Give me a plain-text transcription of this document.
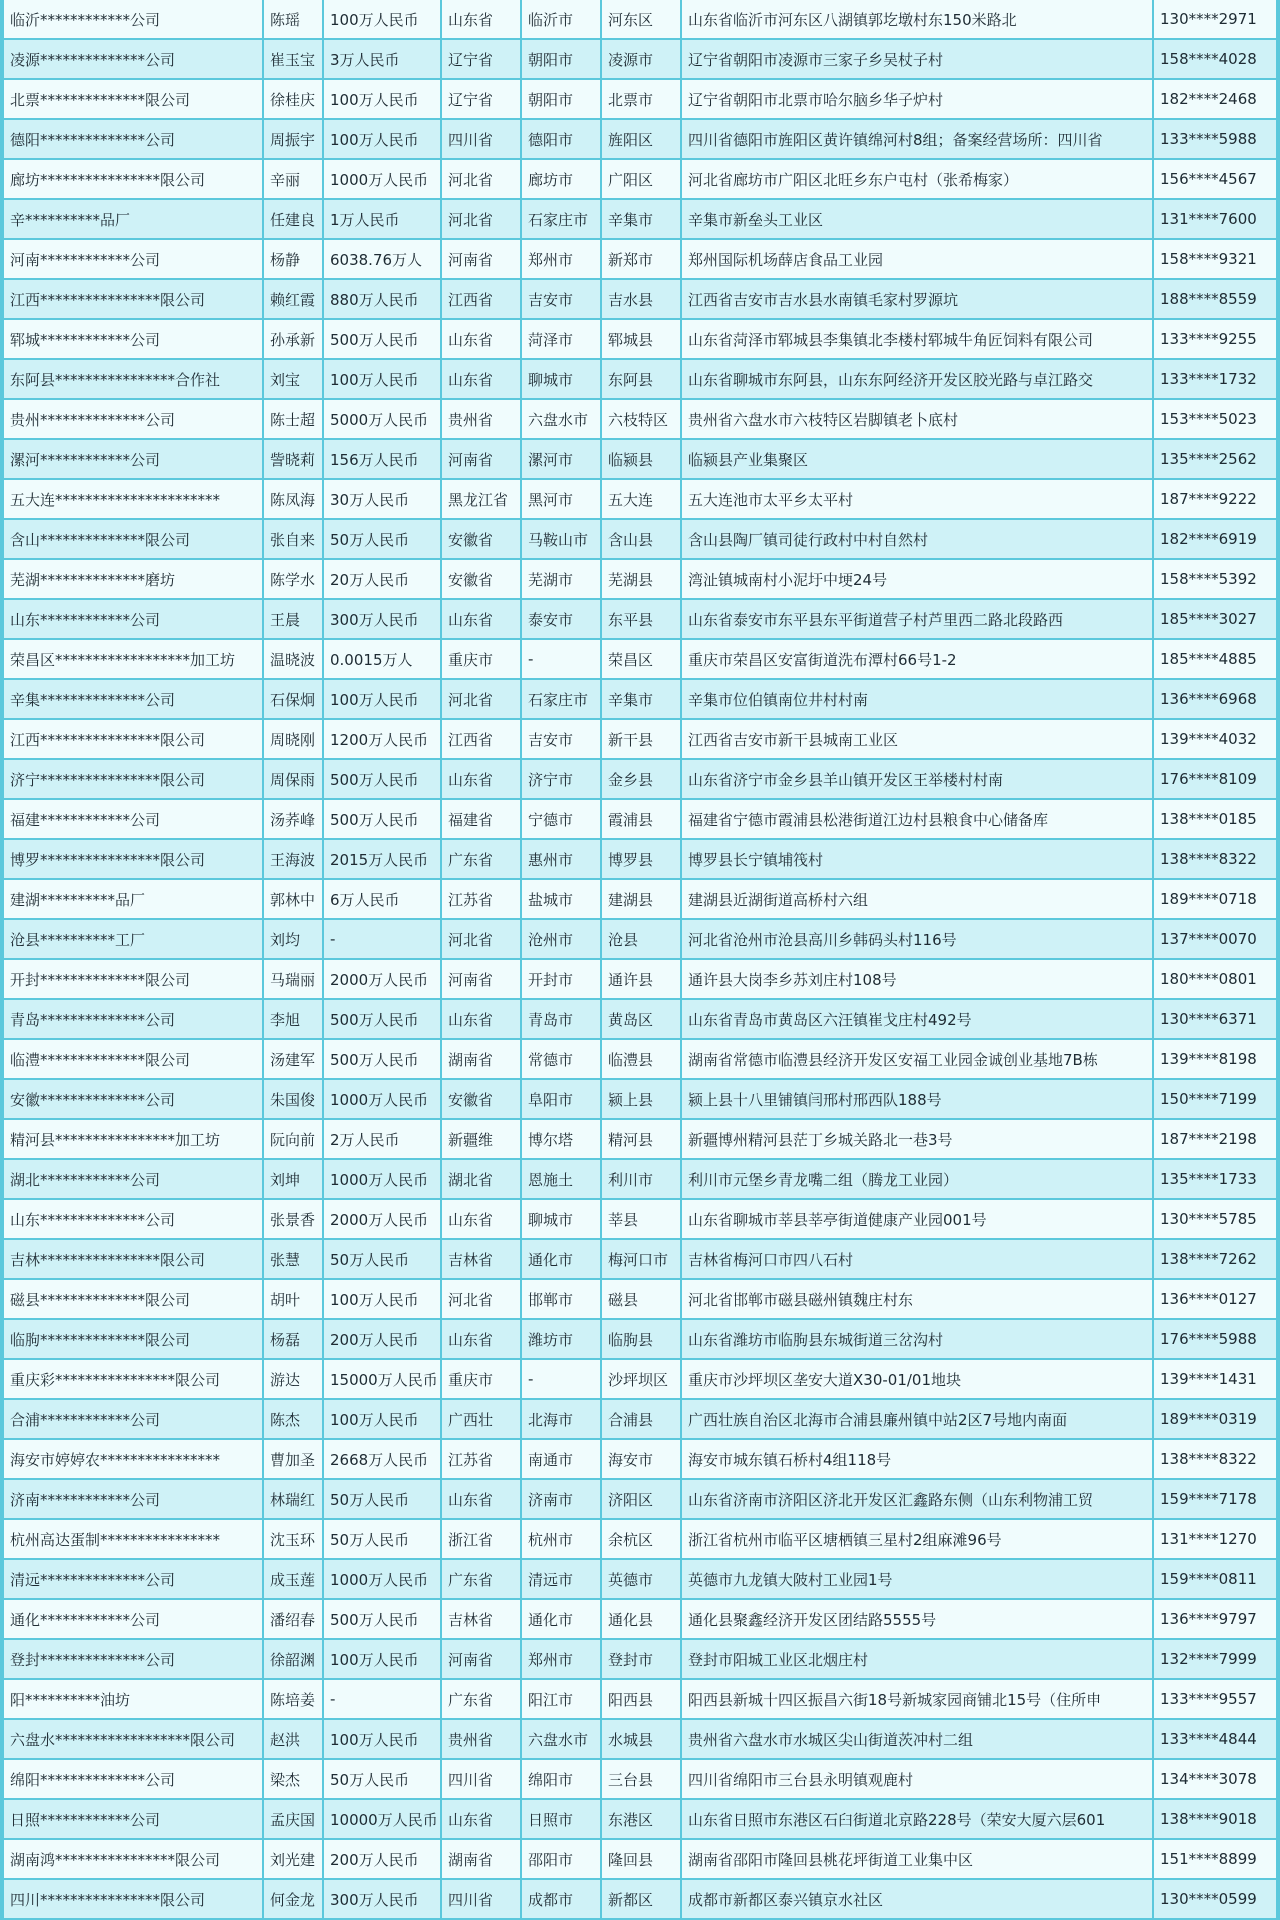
临沂************公司	陈瑶	100万人民币	山东省	临沂市	河东区	山东省临沂市河东区八湖镇郭圪墩村东150米路北	130****2971
凌源**************公司	崔玉宝	3万人民币	辽宁省	朝阳市	凌源市	辽宁省朝阳市凌源市三家子乡吴杖子村	158****4028
北票**************限公司	徐桂庆	100万人民币	辽宁省	朝阳市	北票市	辽宁省朝阳市北票市哈尔脑乡华子炉村	182****2468
德阳**************公司	周振宇	100万人民币	四川省	德阳市	旌阳区	四川省德阳市旌阳区黄许镇绵河村8组；备案经营场所：四川省	133****5988
廊坊****************限公司	辛丽	1000万人民币	河北省	廊坊市	广阳区	河北省廊坊市广阳区北旺乡东户屯村（张希梅家）	156****4567
辛**********品厂	任建良	1万人民币	河北省	石家庄市	辛集市	辛集市新垒头工业区	131****7600
河南************公司	杨静	6038.76万人	河南省	郑州市	新郑市	郑州国际机场薛店食品工业园	158****9321
江西****************限公司	赖红霞	880万人民币	江西省	吉安市	吉水县	江西省吉安市吉水县水南镇毛家村罗源坑	188****8559
郓城************公司	孙承新	500万人民币	山东省	菏泽市	郓城县	山东省菏泽市郓城县李集镇北李楼村郓城牛角匠饲料有限公司	133****9255
东阿县****************合作社	刘宝	100万人民币	山东省	聊城市	东阿县	山东省聊城市东阿县，山东东阿经济开发区胶光路与卓江路交	133****1732
贵州**************公司	陈士超	5000万人民币	贵州省	六盘水市	六枝特区	贵州省六盘水市六枝特区岩脚镇老卜底村	153****5023
漯河************公司	訾晓莉	156万人民币	河南省	漯河市	临颍县	临颍县产业集聚区	135****2562
五大连**********************	陈凤海	30万人民币	黑龙江省	黑河市	五大连	五大连池市太平乡太平村	187****9222
含山**************限公司	张自来	50万人民币	安徽省	马鞍山市	含山县	含山县陶厂镇司徒行政村中村自然村	182****6919
芜湖**************磨坊	陈学水	20万人民币	安徽省	芜湖市	芜湖县	湾沚镇城南村小泥圩中埂24号	158****5392
山东************公司	王晨	300万人民币	山东省	泰安市	东平县	山东省泰安市东平县东平街道营子村芦里西二路北段路西	185****3027
荣昌区******************加工坊	温晓波	0.0015万人	重庆市	-	荣昌区	重庆市荣昌区安富街道洗布潭村66号1-2	185****4885
辛集**************公司	石保炯	100万人民币	河北省	石家庄市	辛集市	辛集市位伯镇南位井村村南	136****6968
江西****************限公司	周晓刚	1200万人民币	江西省	吉安市	新干县	江西省吉安市新干县城南工业区	139****4032
济宁****************限公司	周保雨	500万人民币	山东省	济宁市	金乡县	山东省济宁市金乡县羊山镇开发区王举楼村村南	176****8109
福建************公司	汤荞峰	500万人民币	福建省	宁德市	霞浦县	福建省宁德市霞浦县松港街道江边村县粮食中心储备库	138****0185
博罗****************限公司	王海波	2015万人民币	广东省	惠州市	博罗县	博罗县长宁镇埔筏村	138****8322
建湖**********品厂	郭林中	6万人民币	江苏省	盐城市	建湖县	建湖县近湖街道高桥村六组	189****0718
沧县**********工厂	刘均	-	河北省	沧州市	沧县	河北省沧州市沧县高川乡韩码头村116号	137****0070
开封**************限公司	马瑞丽	2000万人民币	河南省	开封市	通许县	通许县大岗李乡苏刘庄村108号	180****0801
青岛**************公司	李旭	500万人民币	山东省	青岛市	黄岛区	山东省青岛市黄岛区六汪镇崔戈庄村492号	130****6371
临澧**************限公司	汤建军	500万人民币	湖南省	常德市	临澧县	湖南省常德市临澧县经济开发区安福工业园金诚创业基地7B栋	139****8198
安徽**************公司	朱国俊	1000万人民币	安徽省	阜阳市	颍上县	颍上县十八里铺镇闫邢村邢西队188号	150****7199
精河县****************加工坊	阮向前	2万人民币	新疆维	博尔塔	精河县	新疆博州精河县茫丁乡城关路北一巷3号	187****2198
湖北************公司	刘坤	1000万人民币	湖北省	恩施土	利川市	利川市元堡乡青龙嘴二组（腾龙工业园）	135****1733
山东**************公司	张景香	2000万人民币	山东省	聊城市	莘县	山东省聊城市莘县莘亭街道健康产业园001号	130****5785
吉林****************限公司	张慧	50万人民币	吉林省	通化市	梅河口市	吉林省梅河口市四八石村	138****7262
磁县**************限公司	胡叶	100万人民币	河北省	邯郸市	磁县	河北省邯郸市磁县磁州镇魏庄村东	136****0127
临朐**************限公司	杨磊	200万人民币	山东省	潍坊市	临朐县	山东省潍坊市临朐县东城街道三岔沟村	176****5988
重庆彩****************限公司	游达	15000万人民币	重庆市	-	沙坪坝区	重庆市沙坪坝区垄安大道X30-01/01地块	139****1431
合浦************公司	陈杰	100万人民币	广西壮	北海市	合浦县	广西壮族自治区北海市合浦县廉州镇中站2区7号地内南面	189****0319
海安市婷婷农****************	曹加圣	2668万人民币	江苏省	南通市	海安市	海安市城东镇石桥村4组118号	138****8322
济南************公司	林瑞红	50万人民币	山东省	济南市	济阳区	山东省济南市济阳区济北开发区汇鑫路东侧（山东利物浦工贸	159****7178
杭州高达蛋制****************	沈玉环	50万人民币	浙江省	杭州市	余杭区	浙江省杭州市临平区塘栖镇三星村2组麻滩96号	131****1270
清远**************公司	成玉莲	1000万人民币	广东省	清远市	英德市	英德市九龙镇大陂村工业园1号	159****0811
通化************公司	潘绍春	500万人民币	吉林省	通化市	通化县	通化县聚鑫经济开发区团结路5555号	136****9797
登封**************公司	徐韶渊	100万人民币	河南省	郑州市	登封市	登封市阳城工业区北烟庄村	132****7999
阳**********油坊	陈培姜	-	广东省	阳江市	阳西县	阳西县新城十四区振昌六街18号新城家园商铺北15号（住所申	133****9557
六盘水******************限公司	赵洪	100万人民币	贵州省	六盘水市	水城县	贵州省六盘水市水城区尖山街道茨冲村二组	133****4844
绵阳**************公司	梁杰	50万人民币	四川省	绵阳市	三台县	四川省绵阳市三台县永明镇观鹿村	134****3078
日照************公司	孟庆国	10000万人民币	山东省	日照市	东港区	山东省日照市东港区石臼街道北京路228号（荣安大厦六层601	138****9018
湖南鸿****************限公司	刘光建	200万人民币	湖南省	邵阳市	隆回县	湖南省邵阳市隆回县桃花坪街道工业集中区	151****8899
四川****************限公司	何金龙	300万人民币	四川省	成都市	新都区	成都市新都区泰兴镇京水社区	130****0599
